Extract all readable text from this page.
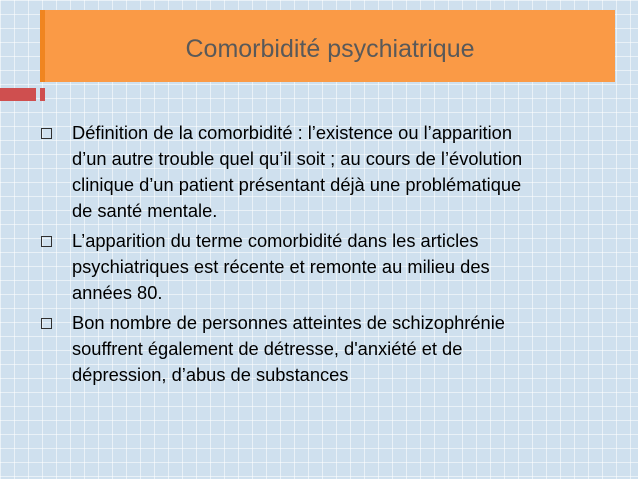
Comorbidité psychiatrique
Définition de la comorbidité : l’existence ou l’apparition
d’un autre trouble quel qu’il soit ; au cours de l’évolution
clinique d’un patient présentant déjà une problématique
de santé mentale.
L’apparition du terme comorbidité dans les articles
psychiatriques est récente et remonte au milieu des
années 80.
Bon nombre de personnes atteintes de schizophrénie
souffrent également de détresse, d'anxiété et de
dépression, d’abus de substances
